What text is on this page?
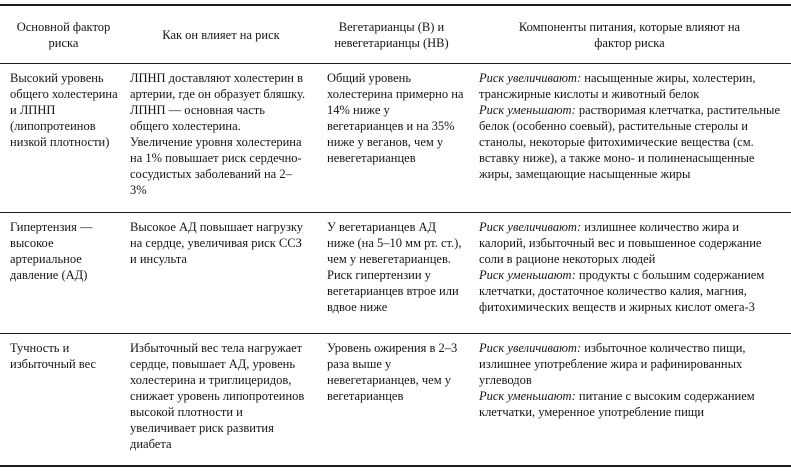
Основной фактор риска
Как он влияет на риск
Вегетарианцы (В) и невегетарианцы (НВ)
Компоненты питания, которые влияют на фактор риска

Высокий уровень общего холестерина и ЛПНП (липопротеинов низкой плотности)

ЛПНП доставляют холестерин в артерии, где он образует бляшку. ЛПНП — основная часть общего холестерина. Увеличение уровня холестерина на 1% повышает риск сердечно-сосудистых заболеваний на 2–3%

Общий уровень холестерина примерно на 14% ниже у вегетарианцев и на 35% ниже у веганов, чем у невегетарианцев

Риск увеличивают: насыщенные жиры, холестерин, трансжирные кислоты и животный белок

Риск уменьшают: растворимая клетчатка, растительные белок (особенно соевый), растительные стеролы и станолы, некоторые фитохимические вещества (см. вставку ниже), а также моно- и полиненасыщенные жиры, замещающие насыщенные жиры

Гипертензия — высокое артериальное давление (АД)

Высокое АД повышает нагрузку на сердце, увеличивая риск ССЗ и инсульта

У вегетарианцев АД ниже (на 5–10 мм рт. ст.), чем у невегетарианцев. Риск гипертензии у вегетарианцев втрое или вдвое ниже

Риск увеличивают: излишнее количество жира и калорий, избыточный вес и повышенное содержание соли в рационе некоторых людей

Риск уменьшают: продукты с большим содержанием клетчатки, достаточное количество калия, магния, фитохимических веществ и жирных кислот омега-3

Тучность и избыточный вес

Избыточный вес тела нагружает сердце, повышает АД, уровень холестерина и триглицеридов, снижает уровень липопротеинов высокой плотности и увеличивает риск развития диабета

Уровень ожирения в 2–3 раза выше у невегетарианцев, чем у вегетарианцев

Риск увеличивают: избыточное количество пищи, излишнее употребление жира и рафинированных углеводов

Риск уменьшают: питание с высоким содержанием клетчатки, умеренное употребление пищи
